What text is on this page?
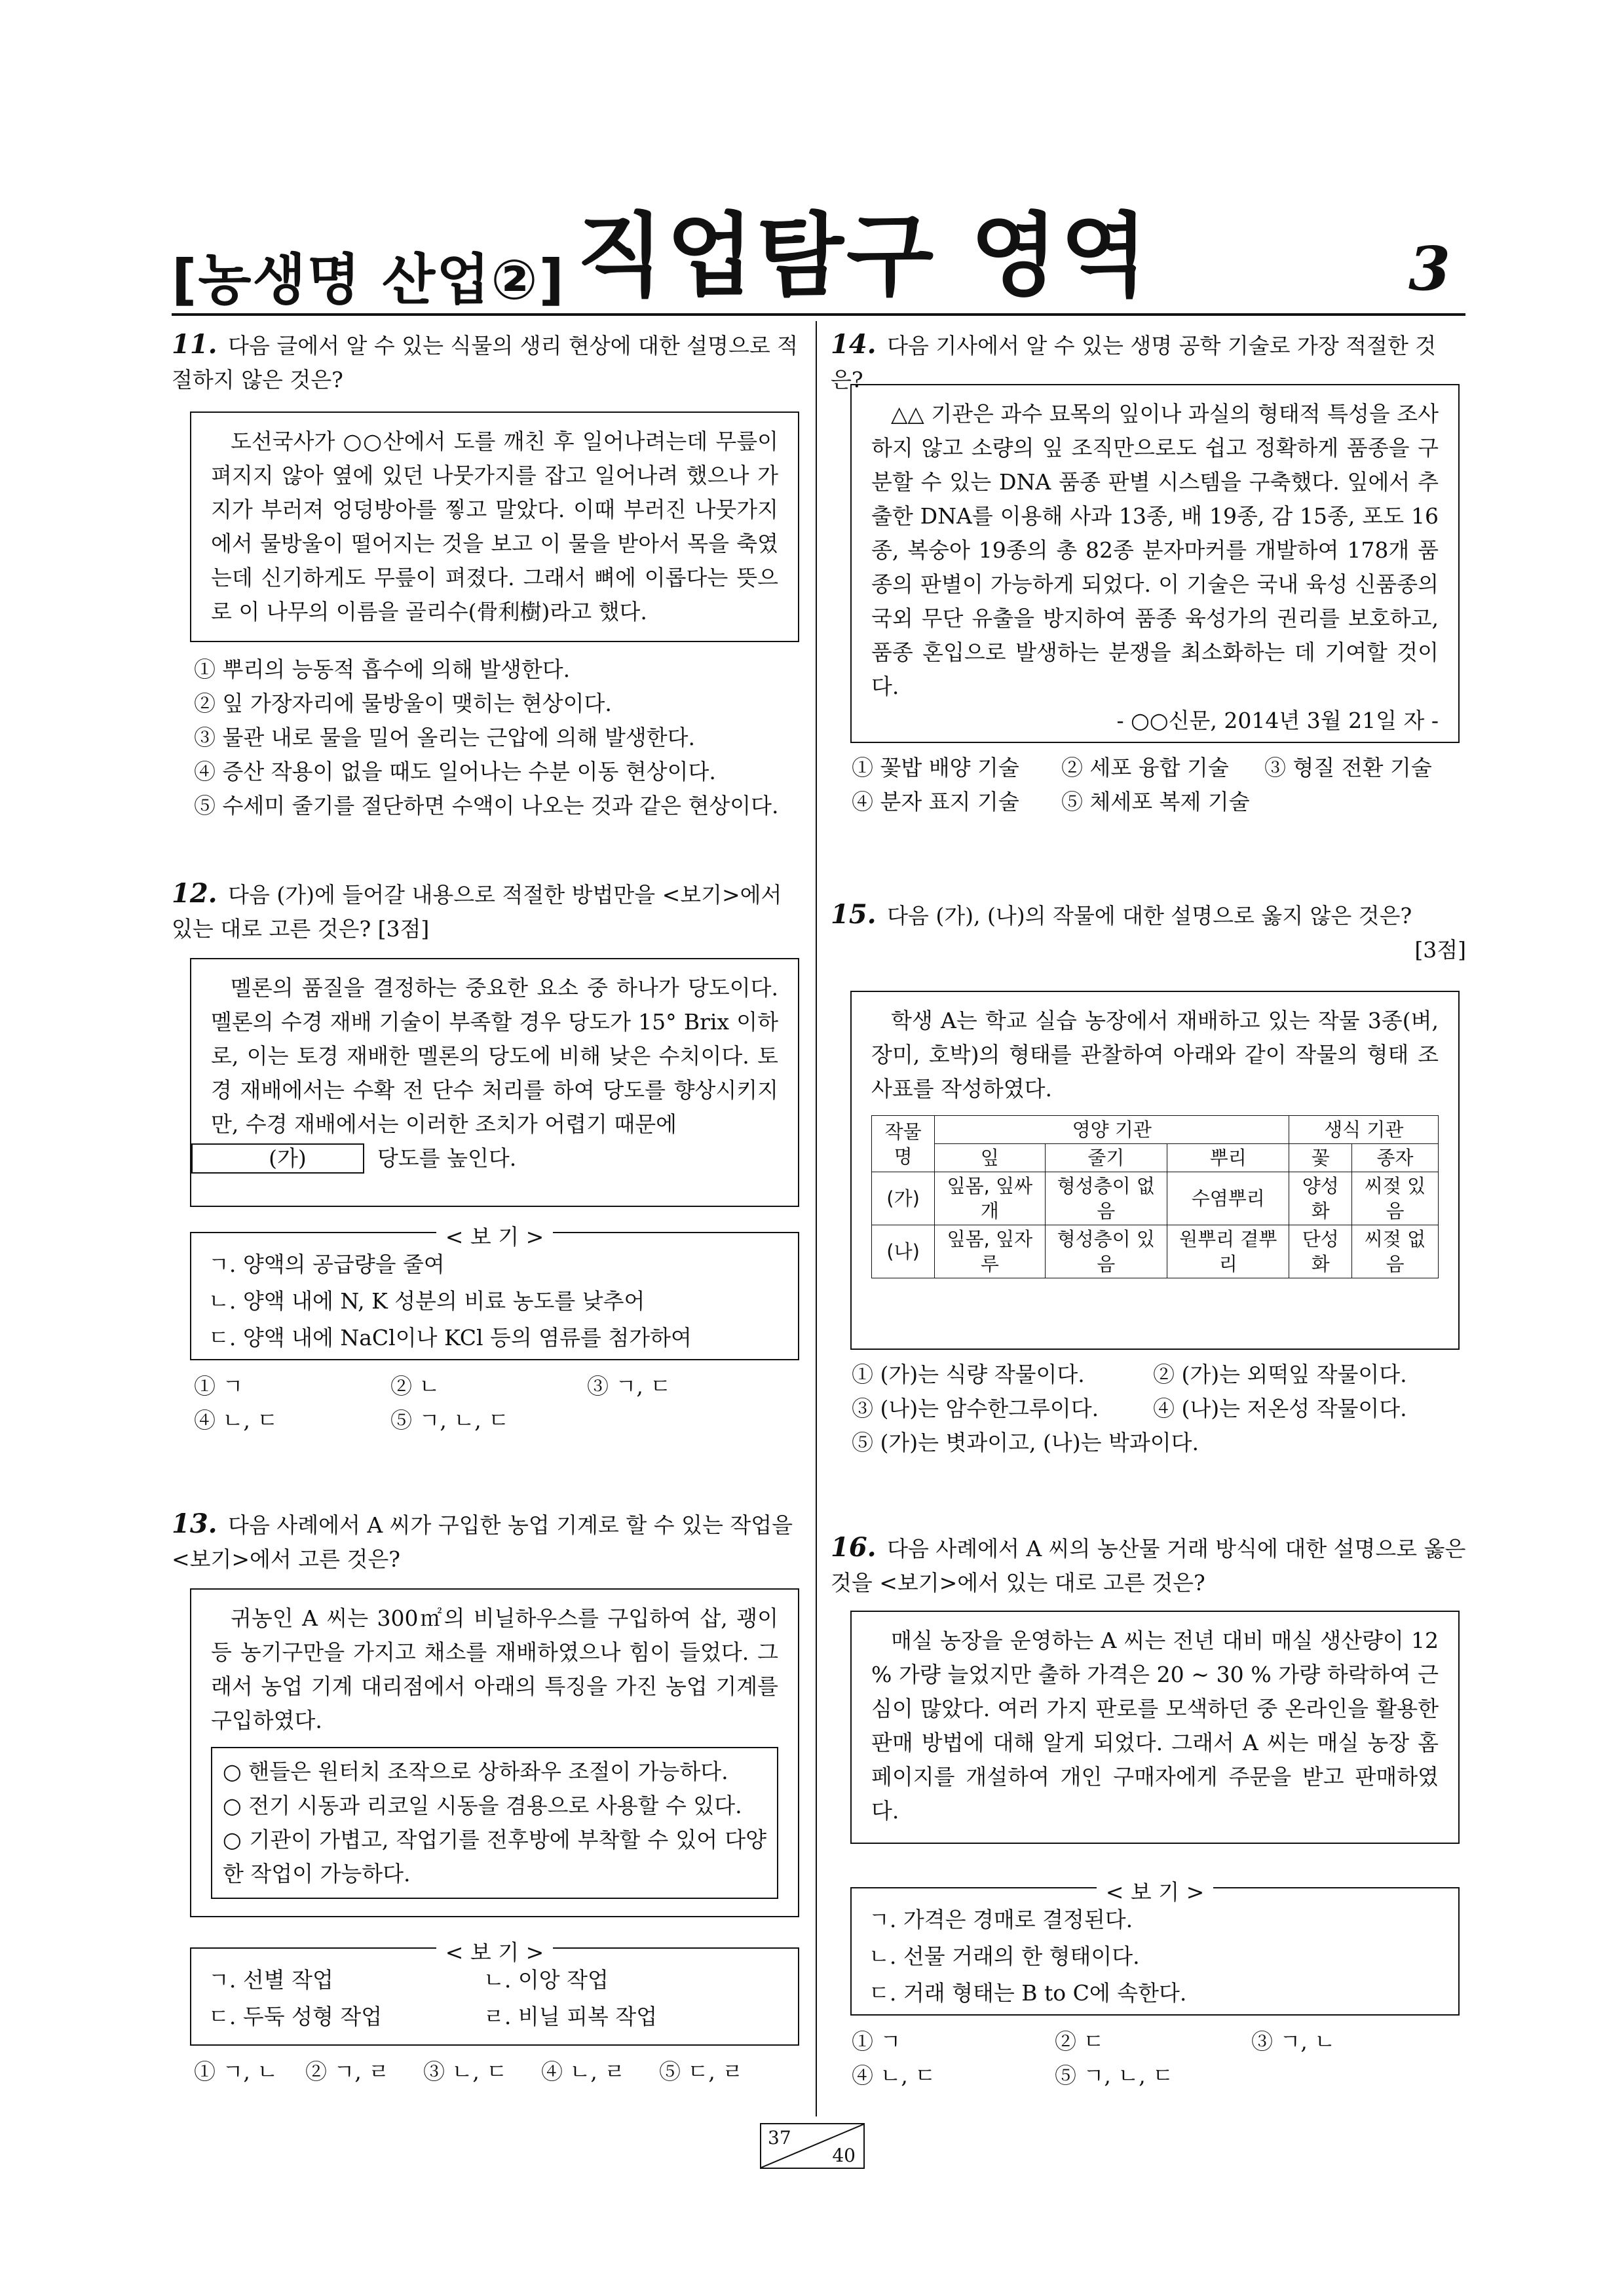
[농생명 산업②] 직업탐구 영역	3
11. 다음 글에서 알 수 있는 식물의 생리 현상에 대한 설명으로 적절하지 않은 것은?
도선국사가 ○○산에서 도를 깨친 후 일어나려는데 무릎이 펴지지 않아 옆에 있던 나뭇가지를 잡고 일어나려 했으나 가지가 부러져 엉덩방아를 찧고 말았다. 이때 부러진 나뭇가지에서 물방울이 떨어지는 것을 보고 이 물을 받아서 목을 축였는데 신기하게도 무릎이 펴졌다. 그래서 뼈에 이롭다는 뜻으로 이 나무의 이름을 골리수(骨利樹)라고 했다.
① 뿌리의 능동적 흡수에 의해 발생한다.
② 잎 가장자리에 물방울이 맺히는 현상이다.
③ 물관 내로 물을 밀어 올리는 근압에 의해 발생한다.
④ 증산 작용이 없을 때도 일어나는 수분 이동 현상이다.
⑤ 수세미 줄기를 절단하면 수액이 나오는 것과 같은 현상이다.
12. 다음 (가)에 들어갈 내용으로 적절한 방법만을 <보기>에서 있는 대로 고른 것은? [3점]
멜론의 품질을 결정하는 중요한 요소 중 하나가 당도이다. 멜론의 수경 재배 기술이 부족할 경우 당도가 15° Brix 이하로, 이는 토경 재배한 멜론의 당도에 비해 낮은 수치이다. 토경 재배에서는 수확 전 단수 처리를 하여 당도를 향상시키지만, 수경 재배에서는 이러한 조치가 어렵기 때문에
(가)	당도를 높인다.
< 보 기 >
ㄱ. 양액의 공급량을 줄여
ㄴ. 양액 내에 N, K 성분의 비료 농도를 낮추어
ㄷ. 양액 내에 NaCl이나 KCl 등의 염류를 첨가하여
① ㄱ	② ㄴ	③ ㄱ, ㄷ
④ ㄴ, ㄷ	⑤ ㄱ, ㄴ, ㄷ
13. 다음 사례에서 A 씨가 구입한 농업 기계로 할 수 있는 작업을 <보기>에서 고른 것은?
귀농인 A 씨는 300㎡의 비닐하우스를 구입하여 삽, 괭이 등 농기구만을 가지고 채소를 재배하였으나 힘이 들었다. 그래서 농업 기계 대리점에서 아래의 특징을 가진 농업 기계를 구입하였다.
○ 핸들은 원터치 조작으로 상하좌우 조절이 가능하다.
○ 전기 시동과 리코일 시동을 겸용으로 사용할 수 있다.
○ 기관이 가볍고, 작업기를 전후방에 부착할 수 있어 다양한 작업이 가능하다.
< 보 기 >
ㄱ. 선별 작업	ㄴ. 이앙 작업
ㄷ. 두둑 성형 작업	ㄹ. 비닐 피복 작업
① ㄱ, ㄴ ② ㄱ, ㄹ ③ ㄴ, ㄷ ④ ㄴ, ㄹ ⑤ ㄷ, ㄹ
14. 다음 기사에서 알 수 있는 생명 공학 기술로 가장 적절한 것은?
△△ 기관은 과수 묘목의 잎이나 과실의 형태적 특성을 조사하지 않고 소량의 잎 조직만으로도 쉽고 정확하게 품종을 구분할 수 있는 DNA 품종 판별 시스템을 구축했다. 잎에서 추출한 DNA를 이용해 사과 13종, 배 19종, 감 15종, 포도 16종, 복숭아 19종의 총 82종 분자마커를 개발하여 178개 품종의 판별이 가능하게 되었다. 이 기술은 국내 육성 신품종의 국외 무단 유출을 방지하여 품종 육성가의 권리를 보호하고, 품종 혼입으로 발생하는 분쟁을 최소화하는 데 기여할 것이다.
- ○○신문, 2014년 3월 21일 자 -
① 꽃밥 배양 기술 ② 세포 융합 기술 ③ 형질 전환 기술
④ 분자 표지 기술 ⑤ 체세포 복제 기술
15. 다음 (가), (나)의 작물에 대한 설명으로 옳지 않은 것은?
[3점]
학생 A는 학교 실습 농장에서 재배하고 있는 작물 3종(벼, 장미, 호박)의 형태를 관찰하여 아래와 같이 작물의 형태 조사표를 작성하였다.
작물명	영양 기관			생식 기관	
	잎	줄기	뿌리	꽃	종자
(가)	잎몸, 잎싸개	형성층이 없음	수염뿌리	양성화	씨젖 있음
(나)	잎몸, 잎자루	형성층이 있음	원뿌리 곁뿌리	단성화	씨젖 없음
① (가)는 식량 작물이다.	② (가)는 외떡잎 작물이다.
③ (나)는 암수한그루이다.	④ (나)는 저온성 작물이다.
⑤ (가)는 볏과이고, (나)는 박과이다.
16. 다음 사례에서 A 씨의 농산물 거래 방식에 대한 설명으로 옳은 것을 <보기>에서 있는 대로 고른 것은?
매실 농장을 운영하는 A 씨는 전년 대비 매실 생산량이 12 % 가량 늘었지만 출하 가격은 20 ~ 30 % 가량 하락하여 근심이 많았다. 여러 가지 판로를 모색하던 중 온라인을 활용한 판매 방법에 대해 알게 되었다. 그래서 A 씨는 매실 농장 홈페이지를 개설하여 개인 구매자에게 주문을 받고 판매하였다.
< 보 기 >
ㄱ. 가격은 경매로 결정된다.
ㄴ. 선물 거래의 한 형태이다.
ㄷ. 거래 형태는 B to C에 속한다.
① ㄱ	② ㄷ	③ ㄱ, ㄴ
④ ㄴ, ㄷ	⑤ ㄱ, ㄴ, ㄷ
37
40
